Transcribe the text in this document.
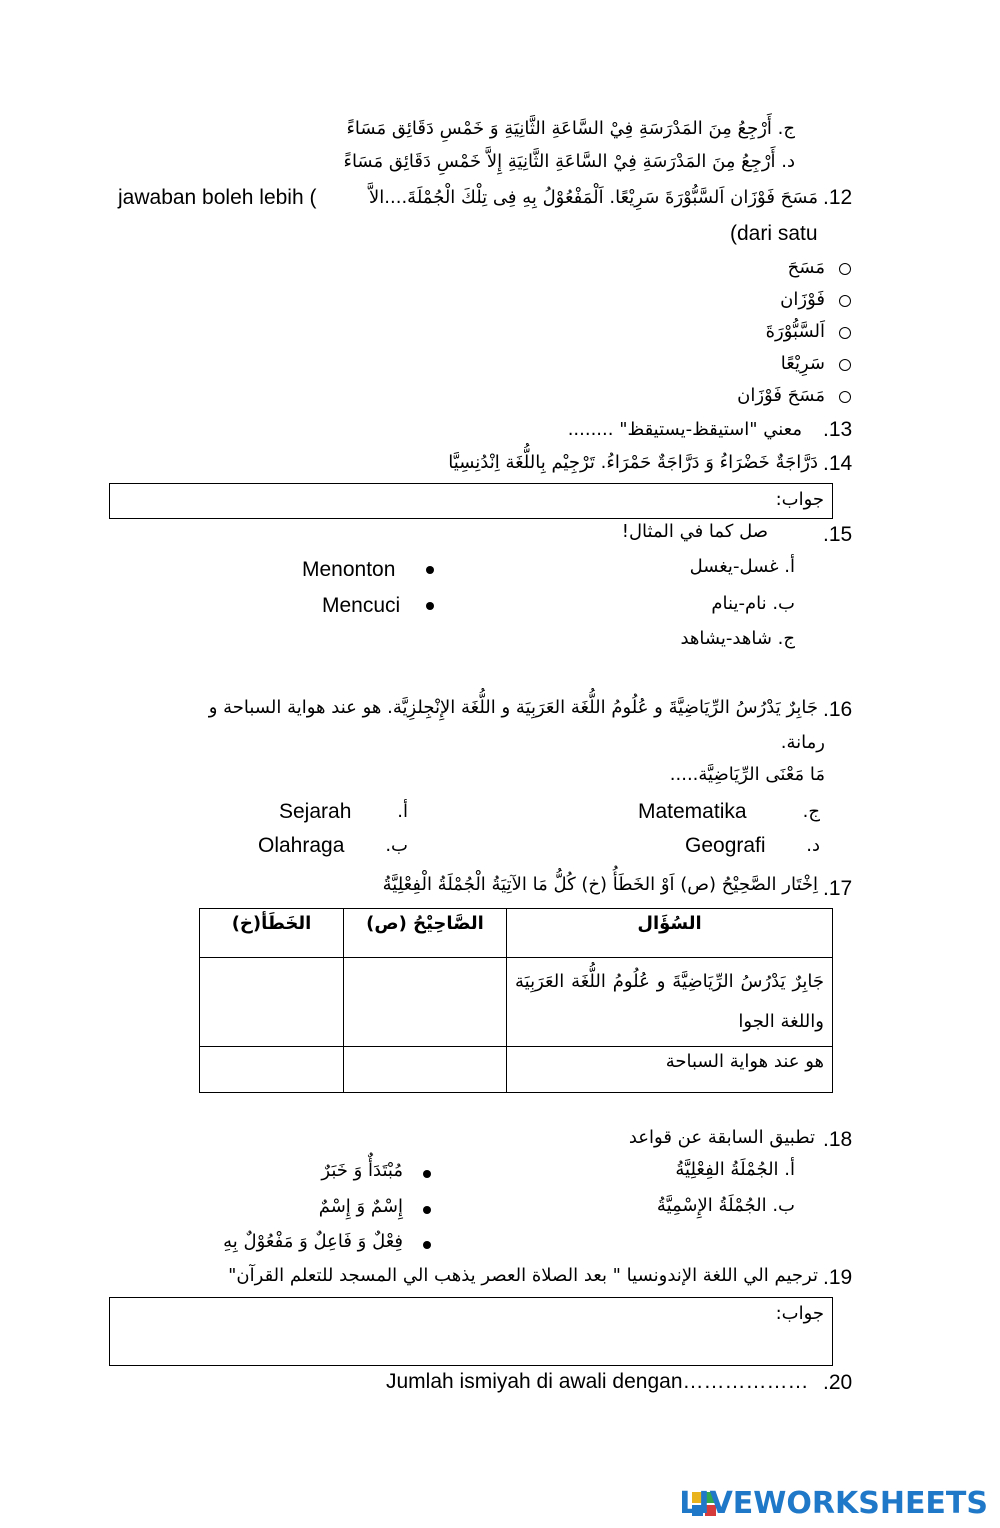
ج. أَرْجِعُ مِنَ المَدْرَسَةِ فِيْ السَّاعَةِ الثَّانِيَةِ وَ خَمْسِ دَقَائِق مَسَاءً
د. أَرْجِعُ مِنَ المَدْرَسَةِ فِيْ السَّاعَةِ الثَّانِيَةِ إِلاَّ خَمْسِ دَقَائِق مَسَاءً
.12
مَسَحَ فَوْزَان اَلسَّبُّوْرَةَ سَرِيْعًا. اَلْمَفْعُوْلُ بِهِ فِى تِلْكَ الْجُمْلَةَ....الاَّ
jawaban boleh lebih (
(dari satu
مَسَحَ
فَوْزَان
اَلسَّبُّوْرَةَ
سَرِيْعًا
مَسَحَ فَوْزَان
.13
معني "استيقظ-يستيقظ" ........
.14
دَرَّاجَةٌ خَضْرَاءُ وَ دَرَّاجَةٌ حَمْرَاءُ. تَرْجِيْم بِاللُّغَة اِنْدُنِسِيَّا
جواب:
.15
صل كما في المثال!
أ. غسل-يغسل
ب. نام-ينام
ج. شاهد-يشاهد
Menonton
Mencuci
.16
جَابِرٌ يَدْرُسُ الرِّيَاضِيَّةَ و عُلُومُ اللُّغَة العَرَبِيَة و اللُّغَة الإِنْجِلزِيَّة. هو عند هواية السباحة و
رمانة.
مَا مَعْنَى الرِّيَاضِيَّة.....
أ.
Sejarah
ب.
Olahraga
ج.
Matematika
د.
Geografi
.17
اِخْتَار الصَّحِيْحُ (ص) اَوْ الخَطَأُ (خ) كُلُّ مَا الآتِيَةُ الْجُمْلَةُ الْفِعْلِيَّةُ
الخَطَأ(خ)	الصَّاحِيْحُ (ص)	السُؤَال
		جَابِرٌ يَدْرُسُ الرِّيَاضِيَّةَ و عُلُومُ اللُّغَة العَرَبِيَة واللغة الجوا
		هو عند هواية السباحة
.18
تطبيق السابقة عن قواعد
أ. الجُمْلَةُ الفِعْلِيَّةُ
ب. الجُمْلَةُ الإِسْمِيَّةُ
مُبْتَدَأٌ وَ خَبَرٌ
إِسْمٌ وَ إِسْمٌ
فِعْلٌ وَ فَاعِلٌ وَ مَفْعُوْلٌ بِهِ
.19
ترجيم الي اللغة الإندونسيا " بعد الصلاة العصر يذهب الي المسجد للتعلم القرآن"
جواب:
.20
Jumlah ismiyah di awali dengan………………
LIVEWORKSHEETS
